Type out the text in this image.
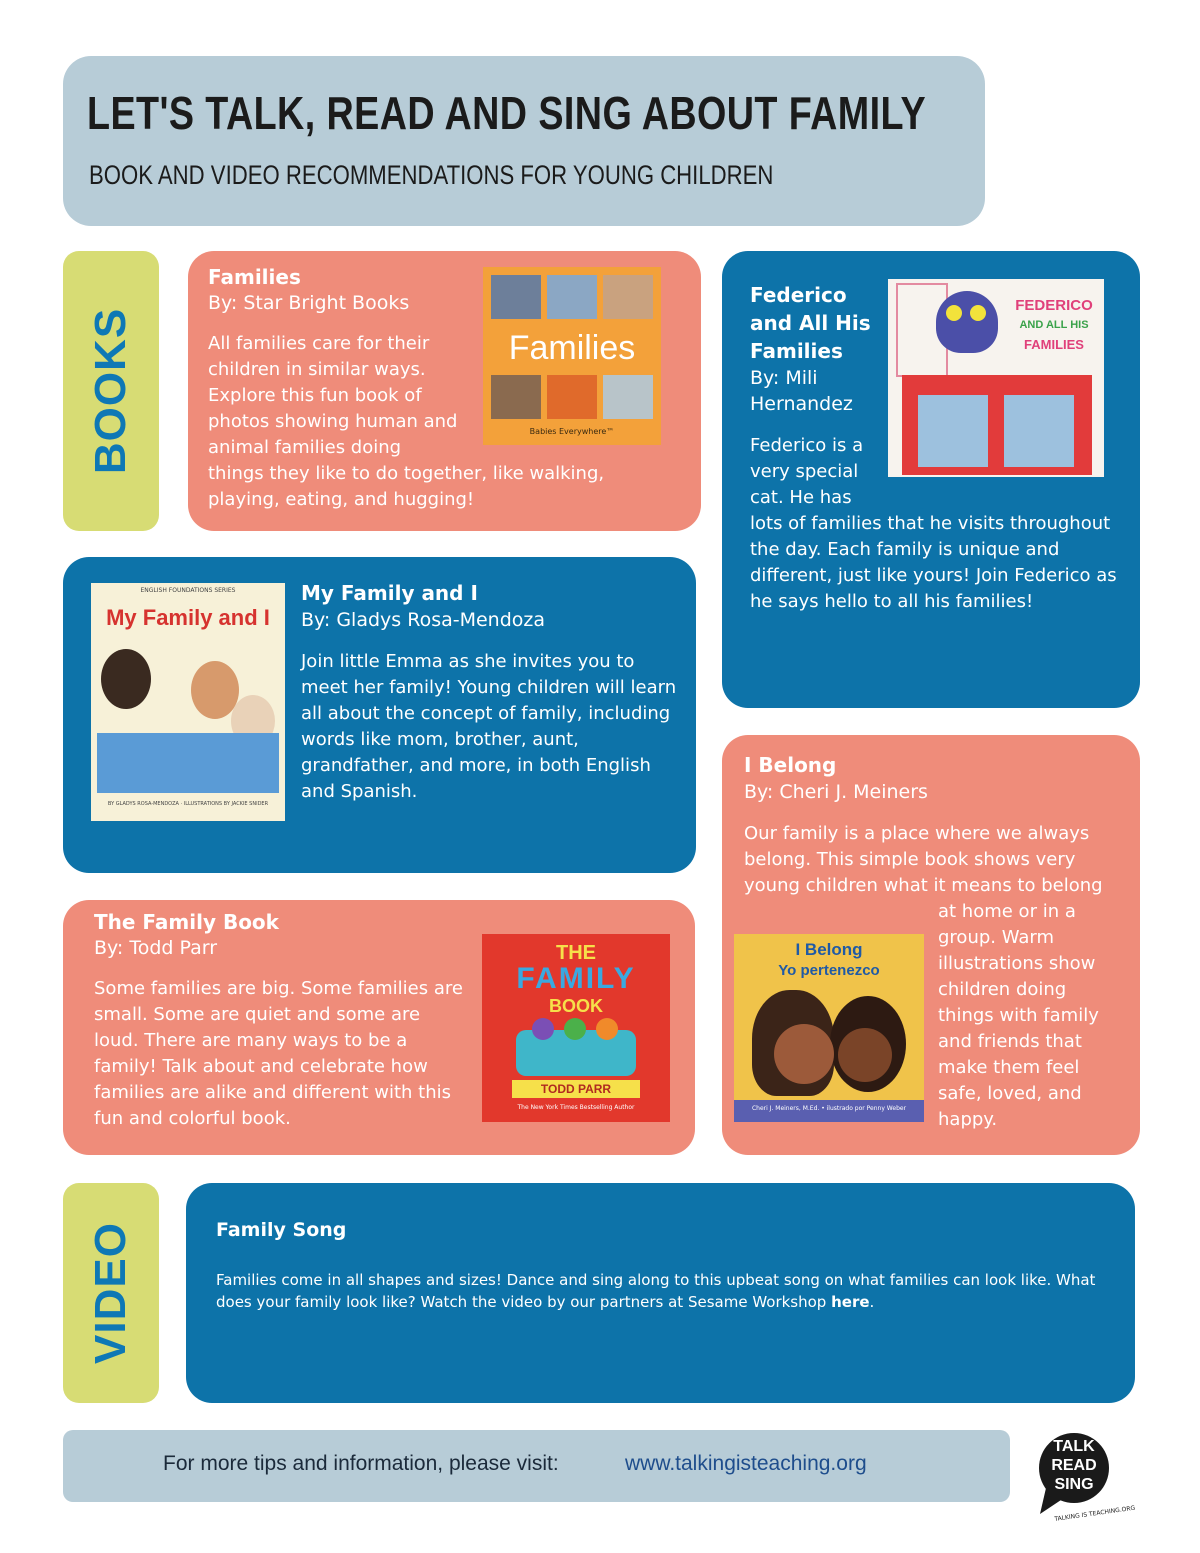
LET'S TALK, READ AND SING ABOUT FAMILY
BOOK AND VIDEO RECOMMENDATIONS FOR YOUNG CHILDREN
BOOKS
Families
By: Star Bright Books
All families care for their children in similar ways. Explore this fun book of photos showing human and animal families doing
things they like to do together, like walking, playing, eating, and hugging!
Families
Babies Everywhere™
Federico
and All His
Families
By: Mili
Hernandez
Federico is a very special cat. He has
lots of families that he visits throughout the day. Each family is unique and different, just like yours! Join Federico as he says hello to all his families!
FEDERICO
AND ALL HIS
FAMILIES
ENGLISH FOUNDATIONS SERIES
My Family and I
BY GLADYS ROSA-MENDOZA · ILLUSTRATIONS BY JACKIE SNIDER
My Family and I
By: Gladys Rosa-Mendoza
Join little Emma as she invites you to meet her family! Young children will learn all about the concept of family, including words like mom, brother, aunt, grandfather, and more, in both English and Spanish.
I Belong
By: Cheri J. Meiners
Our family is a place where we always belong. This simple book shows very young children what it means to belong
at home or in a group. Warm illustrations show children doing things with family and friends that make them feel safe, loved, and happy.
I Belong
Yo pertenezco
Cheri J. Meiners, M.Ed. • ilustrado por Penny Weber
The Family Book
By: Todd Parr
Some families are big. Some families are small. Some are quiet and some are loud. There are many ways to be a family! Talk about and celebrate how families are alike and different with this fun and colorful book.
THE
FAMILY
BOOK
TODD PARR
The New York Times Bestselling Author
VIDEO	Family Song
Families come in all shapes and sizes! Dance and sing along to this upbeat song on what families can look like. What does your family look like? Watch the video by our partners at Sesame Workshop here.
For more tips and information, please visit:	www.talkingisteaching.org
TALK
READ
SING
TALKING IS TEACHING.ORG
